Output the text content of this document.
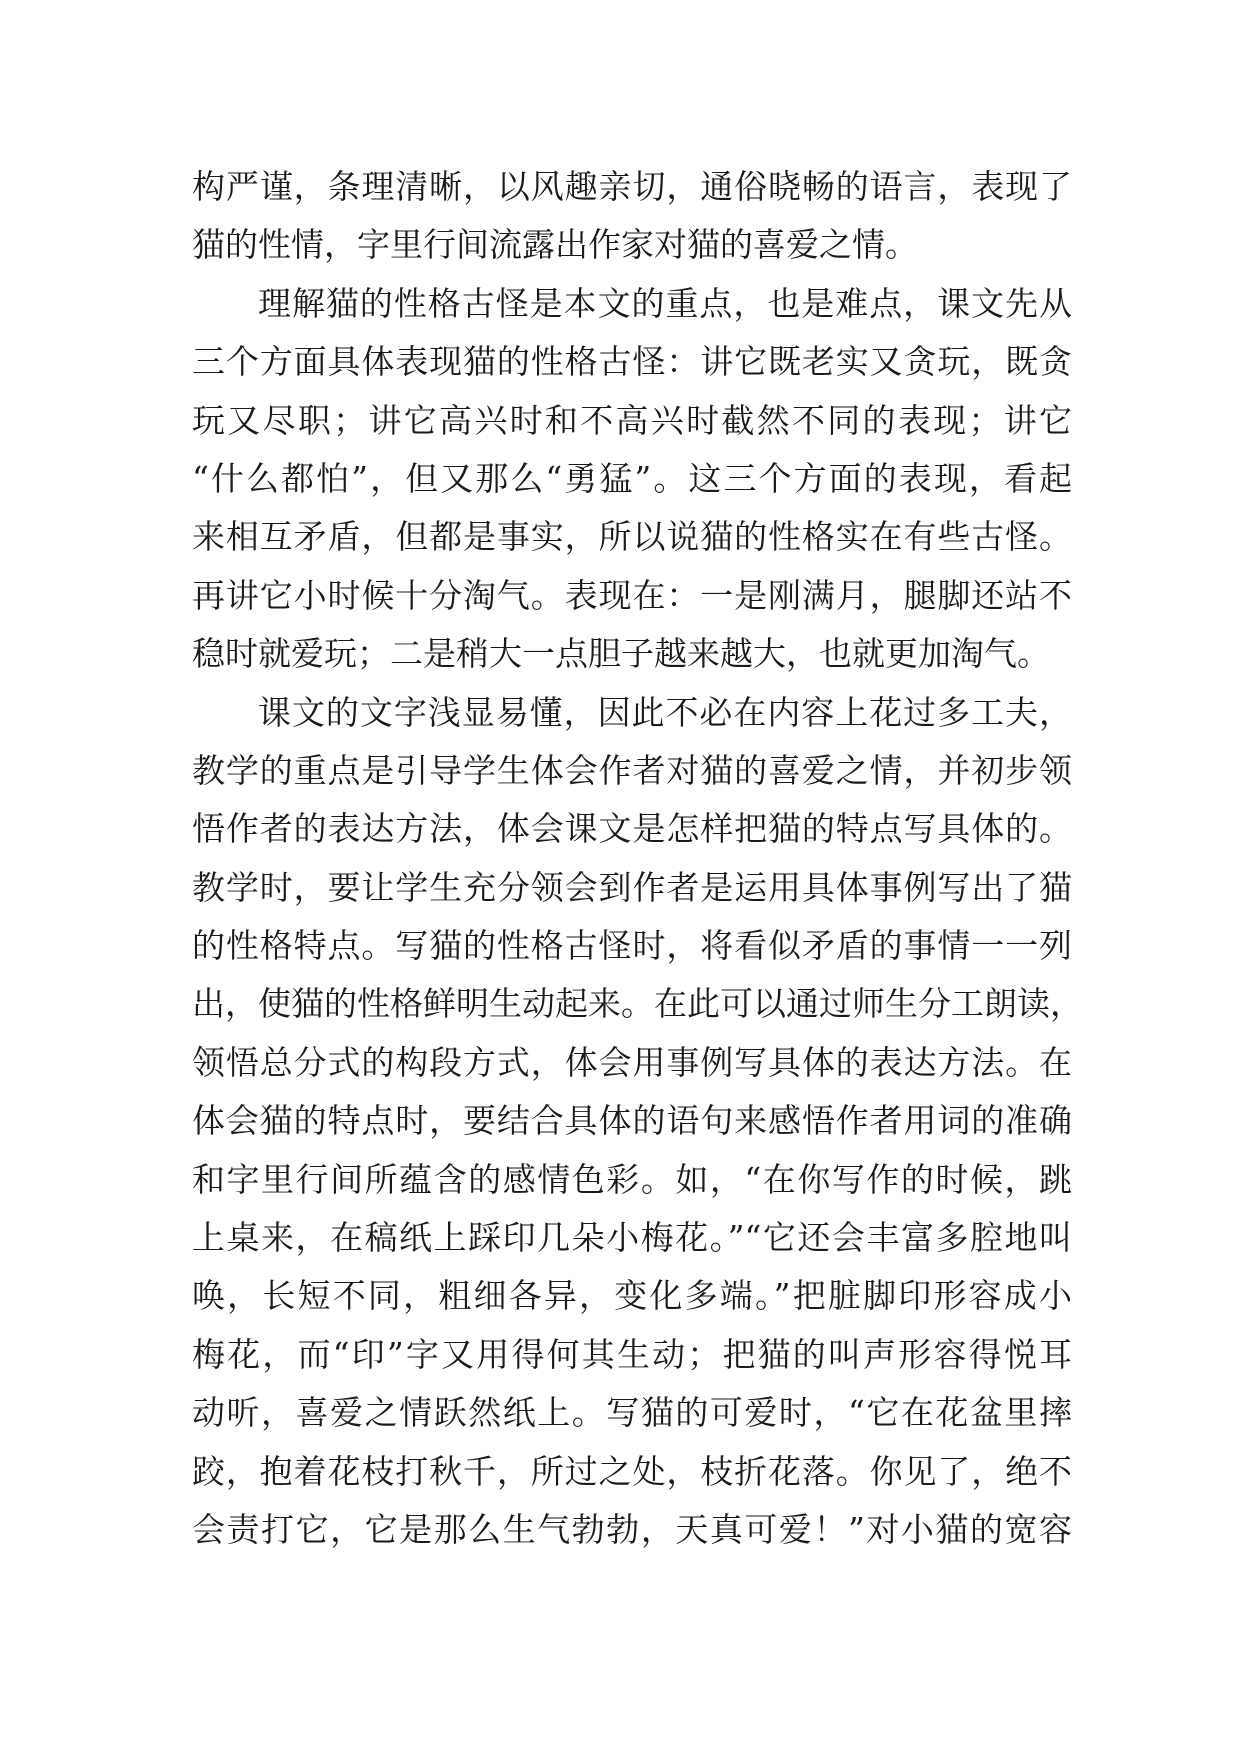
构严谨，条理清晰，以风趣亲切，通俗晓畅的语言，表现了
猫的性情，字里行间流露出作家对猫的喜爱之情。
理解猫的性格古怪是本文的重点，也是难点，课文先从
三个方面具体表现猫的性格古怪：讲它既老实又贪玩，既贪
玩又尽职；讲它高兴时和不高兴时截然不同的表现；讲它
“什么都怕”，但又那么“勇猛”。这三个方面的表现，看起
来相互矛盾，但都是事实，所以说猫的性格实在有些古怪。
再讲它小时候十分淘气。表现在：一是刚满月，腿脚还站不
稳时就爱玩；二是稍大一点胆子越来越大，也就更加淘气。
课文的文字浅显易懂，因此不必在内容上花过多工夫，
教学的重点是引导学生体会作者对猫的喜爱之情，并初步领
悟作者的表达方法，体会课文是怎样把猫的特点写具体的。
教学时，要让学生充分领会到作者是运用具体事例写出了猫
的性格特点。写猫的性格古怪时，将看似矛盾的事情一一列
出，使猫的性格鲜明生动起来。在此可以通过师生分工朗读，
领悟总分式的构段方式，体会用事例写具体的表达方法。在
体会猫的特点时，要结合具体的语句来感悟作者用词的准确
和字里行间所蕴含的感情色彩。如，“在你写作的时候，跳
上桌来，在稿纸上踩印几朵小梅花。”“它还会丰富多腔地叫
唤，长短不同，粗细各异，变化多端。”把脏脚印形容成小
梅花，而“印”字又用得何其生动；把猫的叫声形容得悦耳
动听，喜爱之情跃然纸上。写猫的可爱时，“它在花盆里摔
跤，抱着花枝打秋千，所过之处，枝折花落。你见了，绝不
会责打它，它是那么生气勃勃，天真可爱！”对小猫的宽容
